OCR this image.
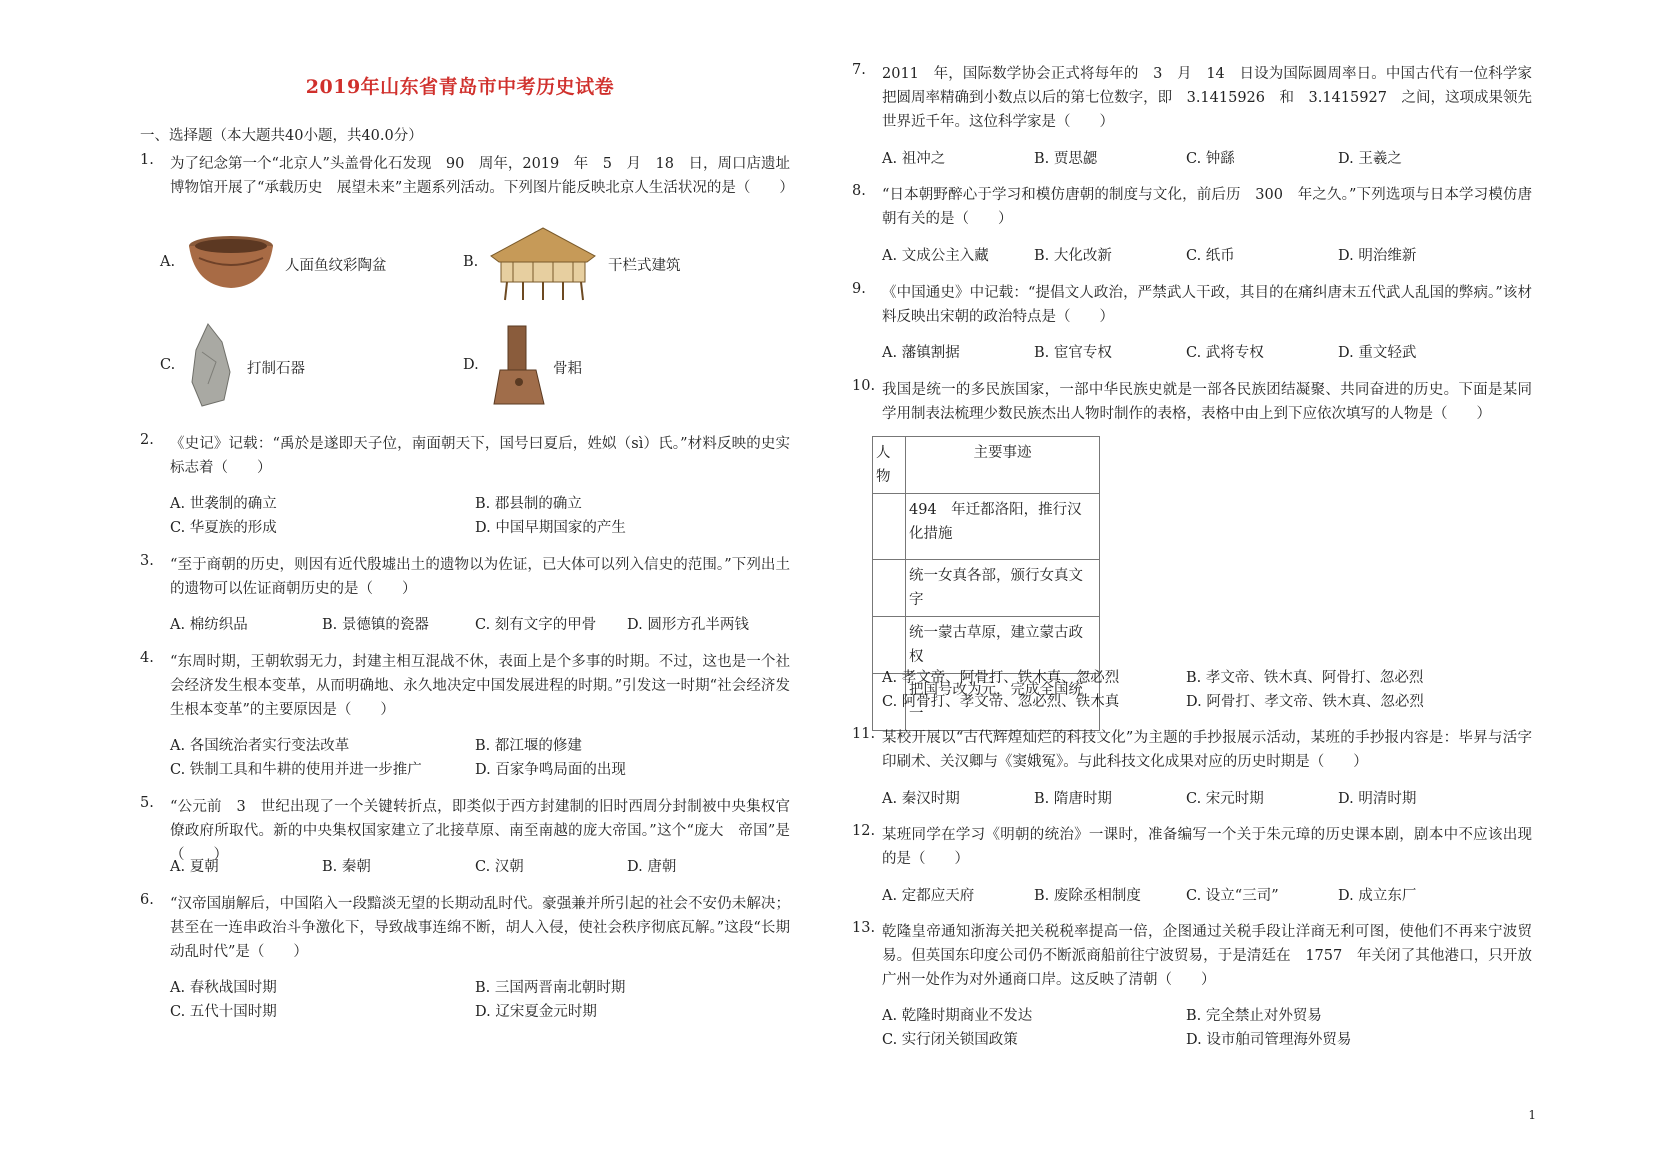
2019年山东省青岛市中考历史试卷
一、选择题（本大题共40小题，共40.0分）
1. 为了纪念第一个“北京人”头盖骨化石发现　90　周年，2019　年　5　月　18　日，周口店遗址博物馆开展了“承载历史　展望未来”主题系列活动。下列图片能反映北京人生活状况的是（　　）
A.	人面鱼纹彩陶盆	B.	干栏式建筑
C.	打制石器	D.	骨耜
2. 《史记》记载：“禹於是遂即天子位，南面朝天下，国号曰夏后，姓姒（sì）氏。”材料反映的史实标志着（　　）
A. 世袭制的确立	B. 郡县制的确立
C. 华夏族的形成	D. 中国早期国家的产生
3. “至于商朝的历史，则因有近代殷墟出土的遗物以为佐证，已大体可以列入信史的范围。”下列出土的遗物可以佐证商朝历史的是（　　）
A. 棉纺织品	B. 景德镇的瓷器	C. 刻有文字的甲骨 D. 圆形方孔半两钱
4. “东周时期，王朝软弱无力，封建主相互混战不休，表面上是个多事的时期。不过，这也是一个社会经济发生根本变革，从而明确地、永久地决定中国发展进程的时期。”引发这一时期“社会经济发生根本变革”的主要原因是（　　）
A. 各国统治者实行变法改革	B. 都江堰的修建
C. 铁制工具和牛耕的使用并进一步推广	D. 百家争鸣局面的出现
5. “公元前　3　世纪出现了一个关键转折点，即类似于西方封建制的旧时西周分封制被中央集权官僚政府所取代。新的中央集权国家建立了北接草原、南至南越的庞大帝国。”这个“庞大　帝国”是（　　）
A. 夏朝	B. 秦朝	C. 汉朝	D. 唐朝
6. “汉帝国崩解后，中国陷入一段黯淡无望的长期动乱时代。豪强兼并所引起的社会不安仍未解决；甚至在一连串政治斗争激化下，导致战事连绵不断，胡人入侵，使社会秩序彻底瓦解。”这段“长期动乱时代”是（　　）
A. 春秋战国时期	B. 三国两晋南北朝时期
C. 五代十国时期	D. 辽宋夏金元时期
7. 2011　年，国际数学协会正式将每年的　3　月　14　日设为国际圆周率日。中国古代有一位科学家把圆周率精确到小数点以后的第七位数字，即　3.1415926　和　3.1415927　之间，这项成果领先世界近千年。这位科学家是（　　）
A. 祖冲之	B. 贾思勰	C. 钟繇	D. 王羲之
8. “日本朝野醉心于学习和模仿唐朝的制度与文化，前后历　300　年之久。”下列选项与日本学习模仿唐朝有关的是（　　）
A. 文成公主入藏	B. 大化改新	C. 纸币	D. 明治维新
9. 《中国通史》中记载：“提倡文人政治，严禁武人干政，其目的在痛纠唐末五代武人乱国的弊病。”该材料反映出宋朝的政治特点是（　　）
A. 藩镇割据	B. 宦官专权	C. 武将专权	D. 重文轻武
10. 我国是统一的多民族国家，一部中华民族史就是一部各民族团结凝聚、共同奋进的历史。下面是某同学用制表法梳理少数民族杰出人物时制作的表格，表格中由上到下应依次填写的人物是（　　）
人物	主要事迹
	494　年迁都洛阳，推行汉化措施
	统一女真各部，颁行女真文字
	统一蒙古草原，建立蒙古政权
	把国号改为元，完成全国统一
A. 孝文帝、阿骨打、铁木真、忽必烈	B. 孝文帝、铁木真、阿骨打、忽必烈
C. 阿骨打、孝文帝、忽必烈、铁木真	D. 阿骨打、孝文帝、铁木真、忽必烈
11. 某校开展以“古代辉煌灿烂的科技文化”为主题的手抄报展示活动，某班的手抄报内容是：毕昇与活字印刷术、关汉卿与《窦娥冤》。与此科技文化成果对应的历史时期是（　　）
A. 秦汉时期	B. 隋唐时期	C. 宋元时期	D. 明清时期
12. 某班同学在学习《明朝的统治》一课时，准备编写一个关于朱元璋的历史课本剧，剧本中不应该出现的是（　　）
A. 定都应天府	B. 废除丞相制度	C. 设立“三司”	D. 成立东厂
13. 乾隆皇帝通知浙海关把关税税率提高一倍，企图通过关税手段让洋商无利可图，使他们不再来宁波贸易。但英国东印度公司仍不断派商船前往宁波贸易，于是清廷在　1757　年关闭了其他港口，只开放广州一处作为对外通商口岸。这反映了清朝（　　）
A. 乾隆时期商业不发达	B. 完全禁止对外贸易
C. 实行闭关锁国政策	D. 设市舶司管理海外贸易
1
